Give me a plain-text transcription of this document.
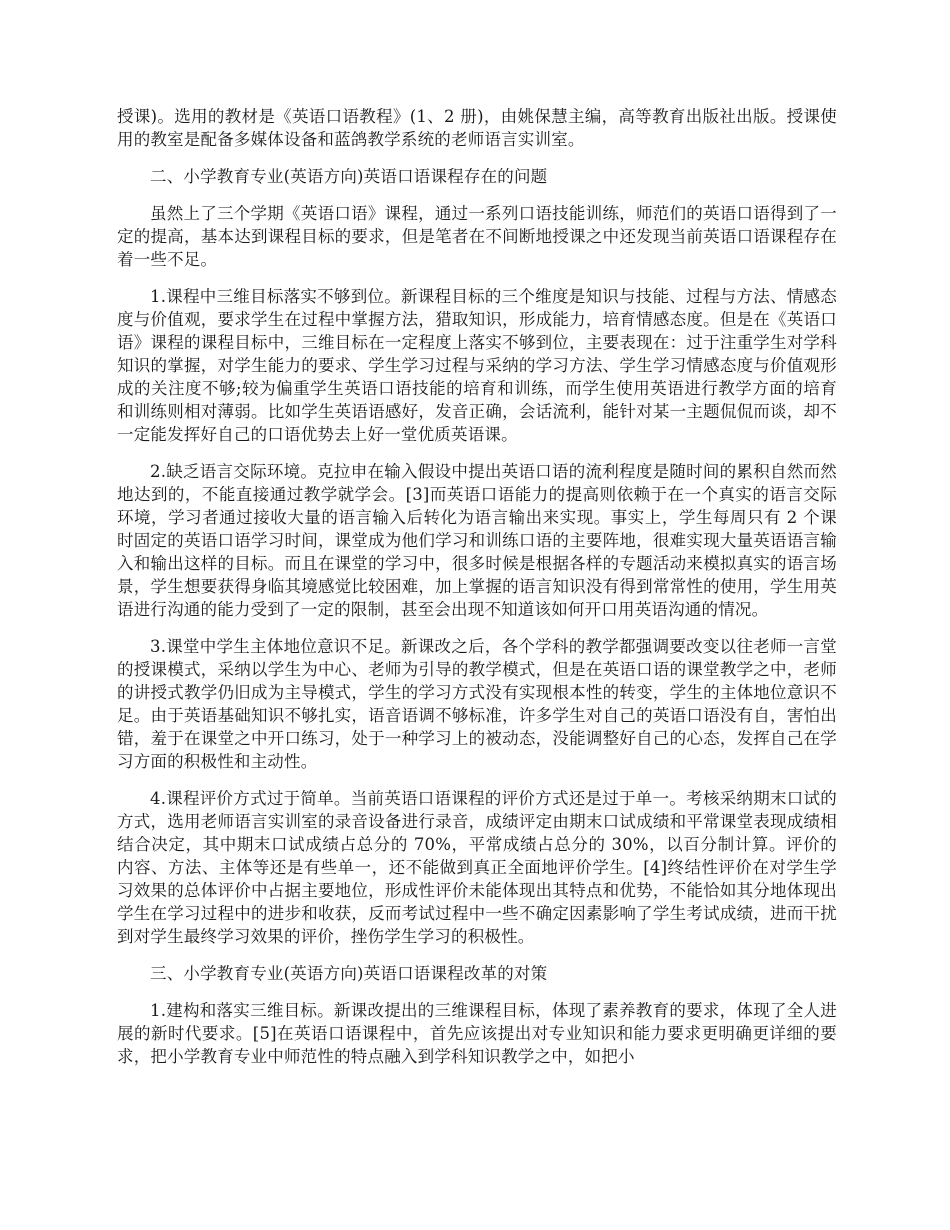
授课)。选用的教材是《英语口语教程》(1、2 册)，由姚保慧主编，高等教育出版社出版。授课使用的教室是配备多媒体设备和蓝鸽教学系统的老师语言实训室。

二、小学教育专业(英语方向)英语口语课程存在的问题

虽然上了三个学期《英语口语》课程，通过一系列口语技能训练，师范们的英语口语得到了一定的提高，基本达到课程目标的要求，但是笔者在不间断地授课之中还发现当前英语口语课程存在着一些不足。

1.课程中三维目标落实不够到位。新课程目标的三个维度是知识与技能、过程与方法、情感态度与价值观，要求学生在过程中掌握方法，猎取知识，形成能力，培育情感态度。但是在《英语口语》课程的课程目标中，三维目标在一定程度上落实不够到位，主要表现在：过于注重学生对学科知识的掌握，对学生能力的要求、学生学习过程与采纳的学习方法、学生学习情感态度与价值观形成的关注度不够;较为偏重学生英语口语技能的培育和训练，而学生使用英语进行教学方面的培育和训练则相对薄弱。比如学生英语语感好，发音正确，会话流利，能针对某一主题侃侃而谈，却不一定能发挥好自己的口语优势去上好一堂优质英语课。

2.缺乏语言交际环境。克拉申在输入假设中提出英语口语的流利程度是随时间的累积自然而然地达到的，不能直接通过教学就学会。[3]而英语口语能力的提高则依赖于在一个真实的语言交际环境，学习者通过接收大量的语言输入后转化为语言输出来实现。事实上，学生每周只有 2 个课时固定的英语口语学习时间，课堂成为他们学习和训练口语的主要阵地，很难实现大量英语语言输入和输出这样的目标。而且在课堂的学习中，很多时候是根据各样的专题活动来模拟真实的语言场景，学生想要获得身临其境感觉比较困难，加上掌握的语言知识没有得到常常性的使用，学生用英语进行沟通的能力受到了一定的限制，甚至会出现不知道该如何开口用英语沟通的情况。

3.课堂中学生主体地位意识不足。新课改之后，各个学科的教学都强调要改变以往老师一言堂的授课模式，采纳以学生为中心、老师为引导的教学模式，但是在英语口语的课堂教学之中，老师的讲授式教学仍旧成为主导模式，学生的学习方式没有实现根本性的转变，学生的主体地位意识不足。由于英语基础知识不够扎实，语音语调不够标准，许多学生对自己的英语口语没有自，害怕出错，羞于在课堂之中开口练习，处于一种学习上的被动态，没能调整好自己的心态，发挥自己在学习方面的积极性和主动性。

4.课程评价方式过于简单。当前英语口语课程的评价方式还是过于单一。考核采纳期末口试的方式，选用老师语言实训室的录音设备进行录音，成绩评定由期末口试成绩和平常课堂表现成绩相结合决定，其中期末口试成绩占总分的 70%，平常成绩占总分的 30%，以百分制计算。评价的内容、方法、主体等还是有些单一，还不能做到真正全面地评价学生。[4]终结性评价在对学生学习效果的总体评价中占据主要地位，形成性评价未能体现出其特点和优势，不能恰如其分地体现出学生在学习过程中的进步和收获，反而考试过程中一些不确定因素影响了学生考试成绩，进而干扰到对学生最终学习效果的评价，挫伤学生学习的积极性。

三、小学教育专业(英语方向)英语口语课程改革的对策

1.建构和落实三维目标。新课改提出的三维课程目标，体现了素养教育的要求，体现了全人进展的新时代要求。[5]在英语口语课程中，首先应该提出对专业知识和能力要求更明确更详细的要求，把小学教育专业中师范性的特点融入到学科知识教学之中，如把小
